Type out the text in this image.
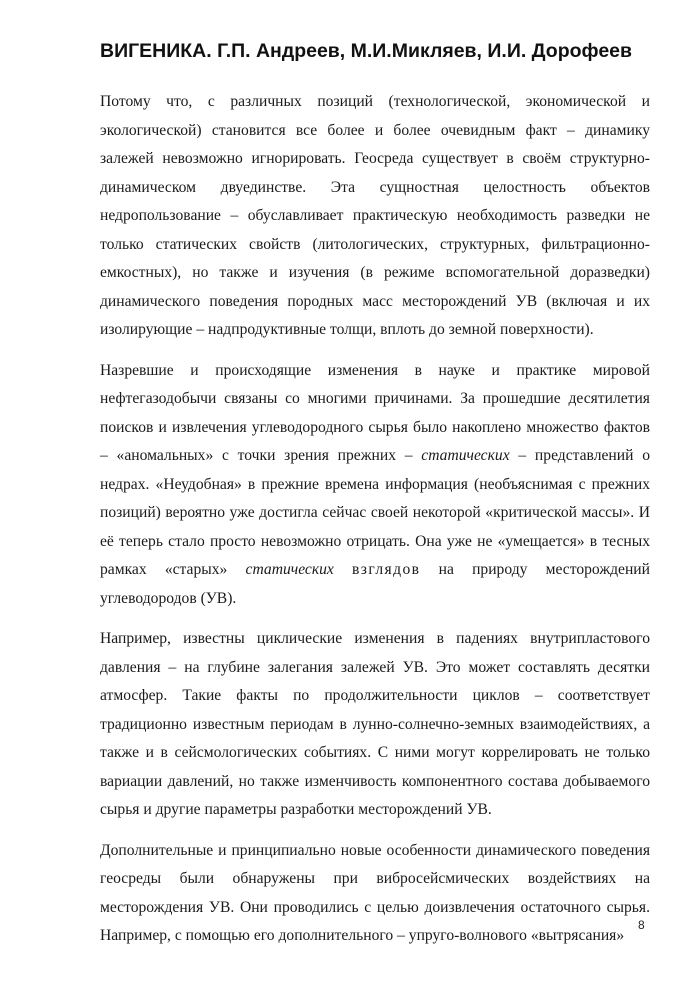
ВИГЕНИКА. Г.П. Андреев, М.И.Микляев, И.И. Дорофеев

Потому что, с различных позиций (технологической, экономической и экологической) становится все более и более очевидным факт – динамику залежей невозможно игнорировать. Геосреда существует в своём структурно-динамическом двуединстве. Эта сущностная целостность объектов недропользование – обуславливает практическую необходимость разведки не только статических свойств (литологических, структурных, фильтрационно-емкостных), но также и изучения (в режиме вспомогательной доразведки) динамического поведения породных масс месторождений УВ (включая и их изолирующие – надпродуктивные толщи, вплоть до земной поверхности).

Назревшие и происходящие изменения в науке и практике мировой нефтегазодобычи связаны со многими причинами. За прошедшие десятилетия поисков и извлечения углеводородного сырья было накоплено множество фактов – «аномальных» с точки зрения прежних – статических – представлений о недрах. «Неудобная» в прежние времена информация (необъяснимая с прежних позиций) вероятно уже достигла сейчас своей некоторой «критической массы». И её теперь стало просто невозможно отрицать. Она уже не «умещается» в тесных рамках «старых» статических взглядов на природу месторождений углеводородов (УВ).

Например, известны циклические изменения в падениях внутрипластового давления – на глубине залегания залежей УВ. Это может составлять десятки атмосфер. Такие факты по продолжительности циклов – соответствует традиционно известным периодам в лунно-солнечно-земных взаимодействиях, а также и в сейсмологических событиях. С ними могут коррелировать не только вариации давлений, но также изменчивость компонентного состава добываемого сырья и другие параметры разработки месторождений УВ.

Дополнительные и принципиально новые особенности динамического поведения геосреды были обнаружены при вибросейсмических воздействиях на месторождения УВ. Они проводились с целью доизвлечения остаточного сырья. Например, с помощью его дополнительного – упруго-волнового «вытрясания»

8
